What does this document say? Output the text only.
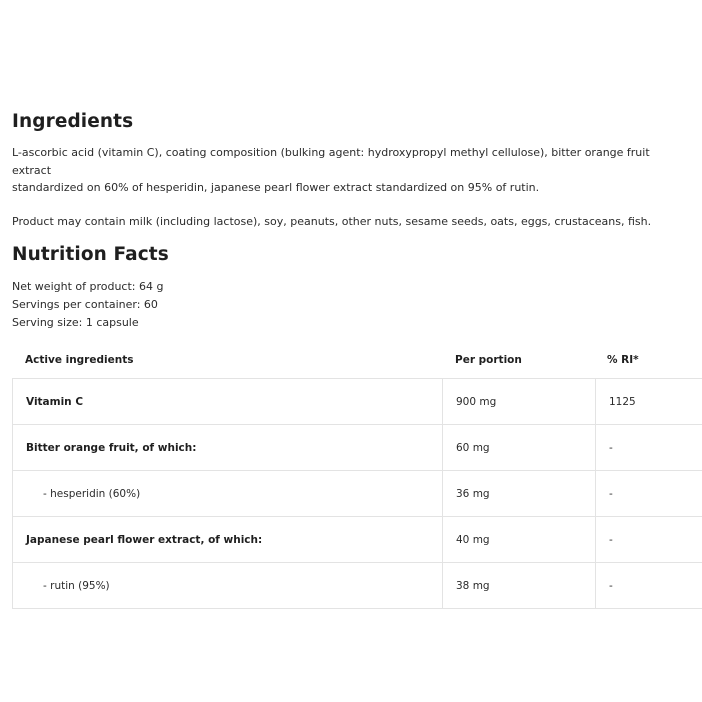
Ingredients

L-ascorbic acid (vitamin C), coating composition (bulking agent: hydroxypropyl methyl cellulose), bitter orange fruit extract
standardized on 60% of hesperidin, japanese pearl flower extract standardized on 95% of rutin.

Product may contain milk (including lactose), soy, peanuts, other nuts, sesame seeds, oats, eggs, crustaceans, fish.

Nutrition Facts
Net weight of product: 64 g
Servings per container: 60
Serving size: 1 capsule
Active ingredients	Per portion	% RI*
Vitamin C	900 mg	1125
Bitter orange fruit, of which:	60 mg	-
- hesperidin (60%)	36 mg	-
Japanese pearl flower extract, of which:	40 mg	-
- rutin (95%)	38 mg	-
